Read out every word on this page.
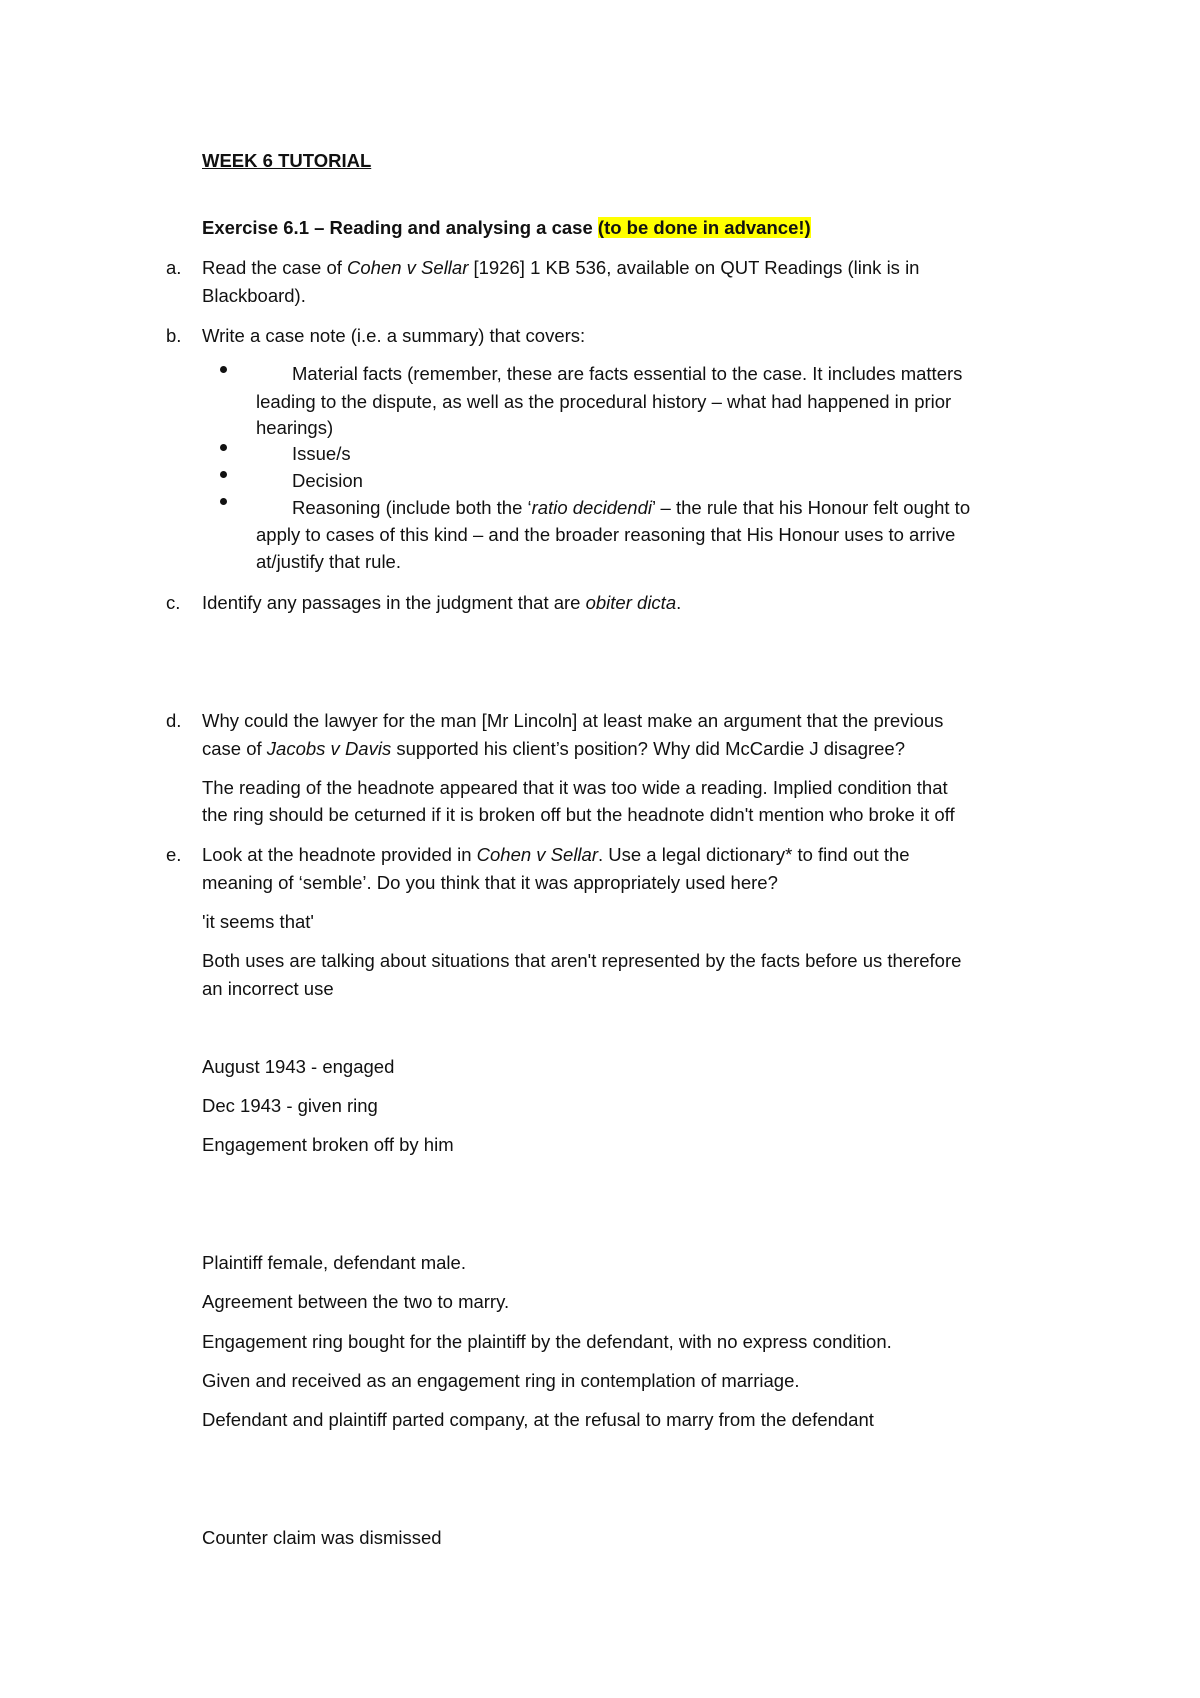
WEEK 6 TUTORIAL
Exercise 6.1 – Reading and analysing a case (to be done in advance!)
a. Read the case of Cohen v Sellar [1926] 1 KB 536, available on QUT Readings (link is in
Blackboard).
b. Write a case note (i.e. a summary) that covers:
Material facts (remember, these are facts essential to the case. It includes matters
leading to the dispute, as well as the procedural history – what had happened in prior
hearings)
Issue/s
Decision
Reasoning (include both the ‘ratio decidendi’ – the rule that his Honour felt ought to
apply to cases of this kind – and the broader reasoning that His Honour uses to arrive
at/justify that rule.
c. Identify any passages in the judgment that are obiter dicta.
d. Why could the lawyer for the man [Mr Lincoln] at least make an argument that the previous
case of Jacobs v Davis supported his client’s position? Why did McCardie J disagree?
The reading of the headnote appeared that it was too wide a reading. Implied condition that
the ring should be ceturned if it is broken off but the headnote didn't mention who broke it off
e. Look at the headnote provided in Cohen v Sellar. Use a legal dictionary* to find out the
meaning of ‘semble’. Do you think that it was appropriately used here?
'it seems that'
Both uses are talking about situations that aren't represented by the facts before us therefore
an incorrect use
August 1943 - engaged
Dec 1943 - given ring
Engagement broken off by him
Plaintiff female, defendant male.
Agreement between the two to marry.
Engagement ring bought for the plaintiff by the defendant, with no express condition.
Given and received as an engagement ring in contemplation of marriage.
Defendant and plaintiff parted company, at the refusal to marry from the defendant
Counter claim was dismissed
